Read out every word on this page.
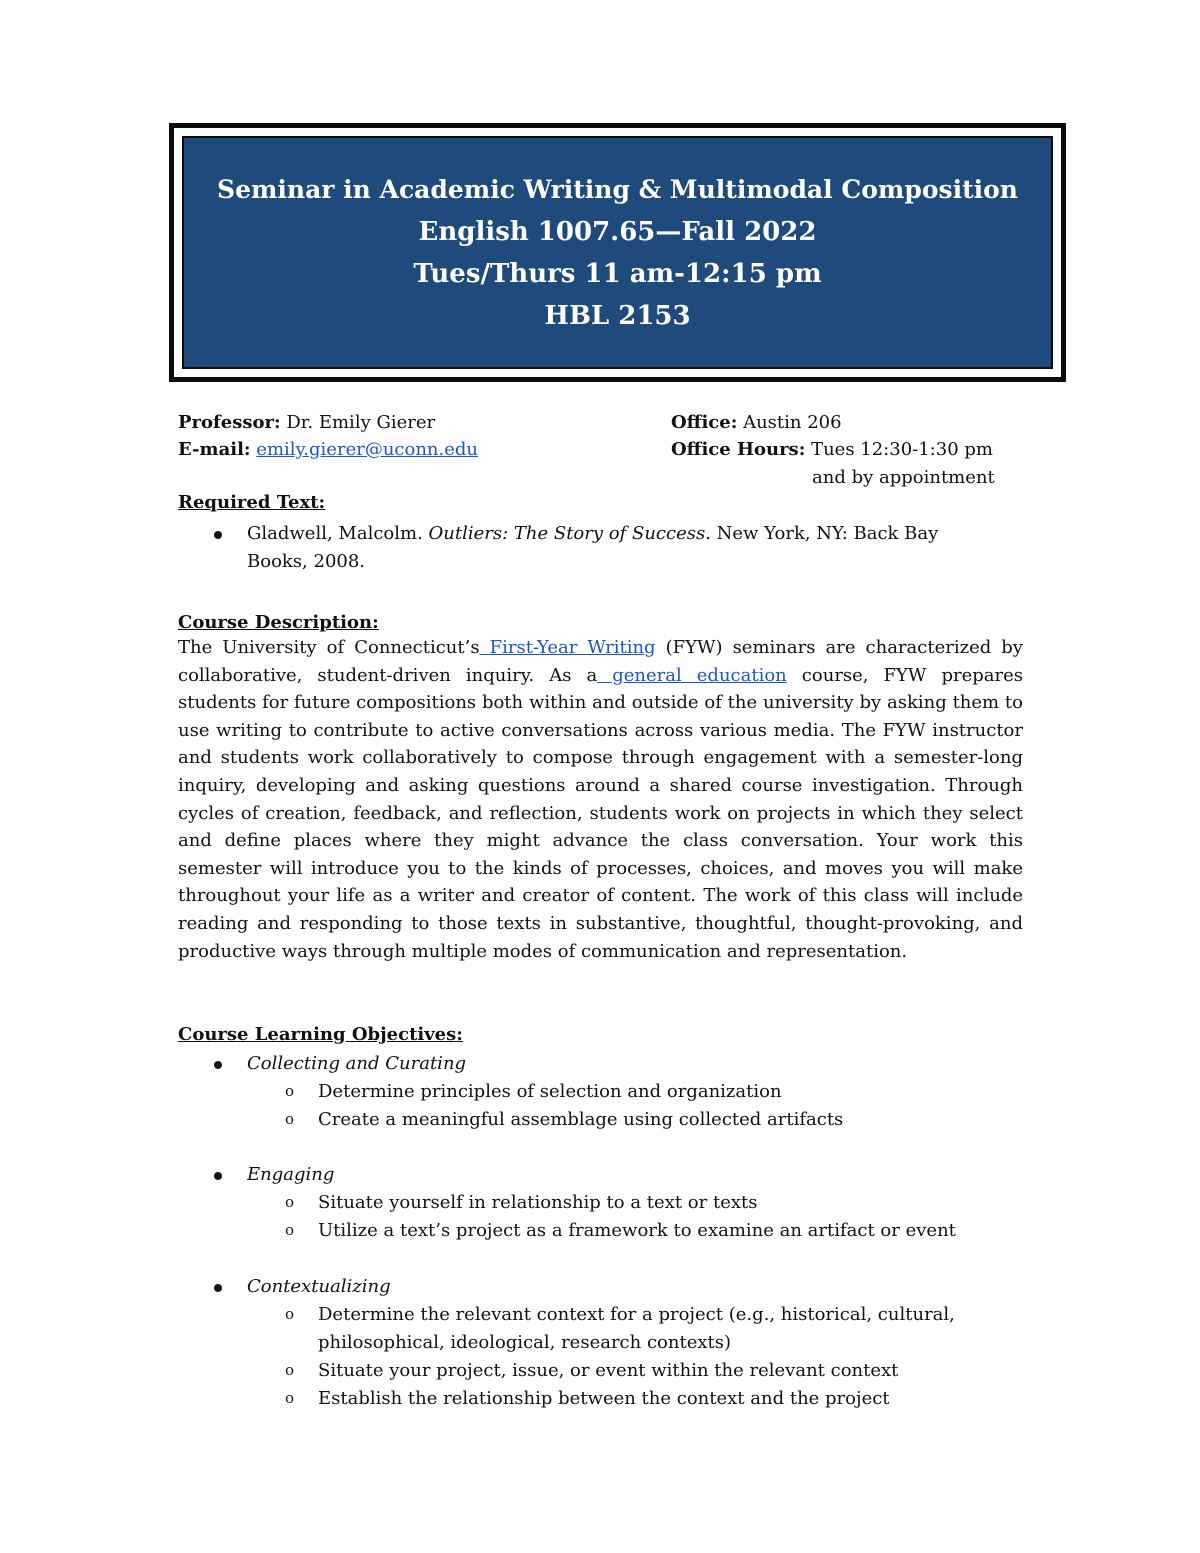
Seminar in Academic Writing & Multimodal Composition
English 1007.65—Fall 2022
Tues/Thurs 11 am-12:15 pm
HBL 2153
Professor: Dr. Emily Gierer
E-mail: emily.gierer@uconn.edu
Office: Austin 206
Office Hours: Tues 12:30-1:30 pm
and by appointment
Required Text:
Gladwell, Malcolm. Outliers: The Story of Success. New York, NY: Back Bay
Books, 2008.
Course Description:
The University of Connecticut’s First-Year Writing (FYW) seminars are characterized by collaborative, student-driven inquiry. As a general education course, FYW prepares students for future compositions both within and outside of the university by asking them to use writing to contribute to active conversations across various media. The FYW instructor and students work collaboratively to compose through engagement with a semester-long inquiry, developing and asking questions around a shared course investigation. Through cycles of creation, feedback, and reflection, students work on projects in which they select and define places where they might advance the class conversation. Your work this semester will introduce you to the kinds of processes, choices, and moves you will make throughout your life as a writer and creator of content. The work of this class will include reading and responding to those texts in substantive, thoughtful, thought-provoking, and productive ways through multiple modes of communication and representation.
Course Learning Objectives:
Collecting and Curating
o Determine principles of selection and organization
o Create a meaningful assemblage using collected artifacts
Engaging
o Situate yourself in relationship to a text or texts
o Utilize a text’s project as a framework to examine an artifact or event
Contextualizing
o Determine the relevant context for a project (e.g., historical, cultural,
philosophical, ideological, research contexts)
o Situate your project, issue, or event within the relevant context
o Establish the relationship between the context and the project
